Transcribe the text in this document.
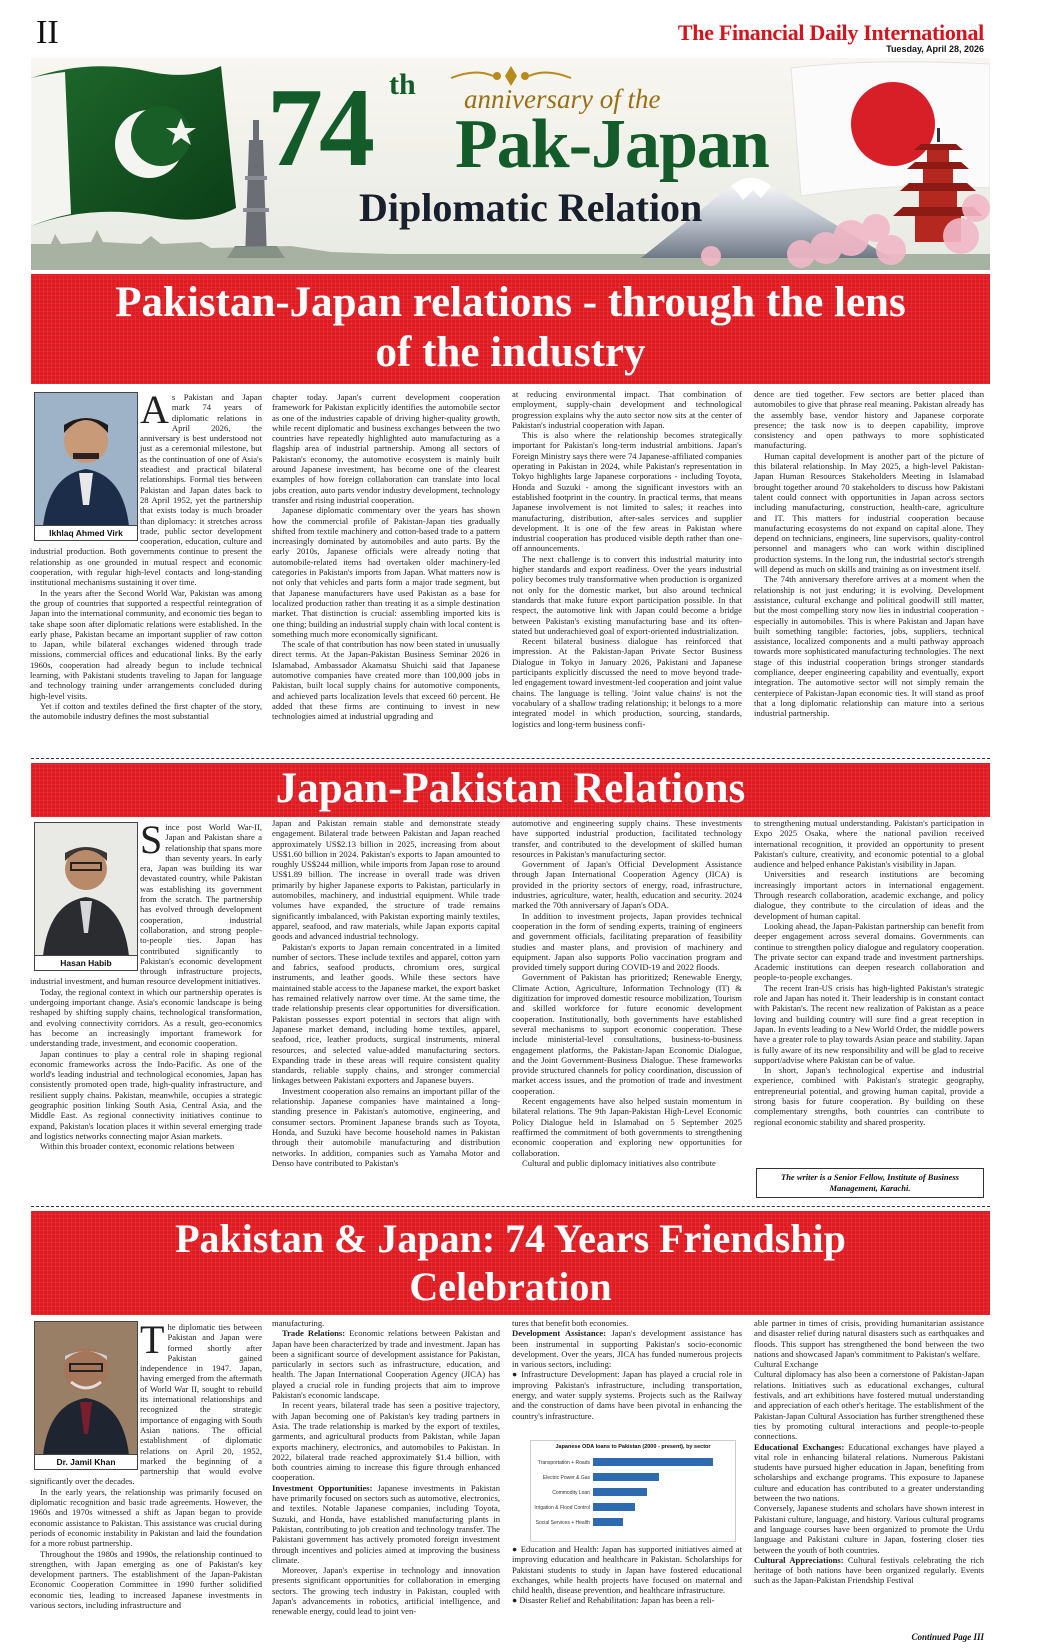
II	The Financial Daily International
Tuesday, April 28, 2026
74 th anniversary of the
Pak-Japan
Diplomatic Relation
Pakistan-Japan relations - through the lens
of the industry
Ikhlaq Ahmed Virk

As Pakistan and Japan mark 74 years of diplomatic relations in April 2026, the anniversary is best understood not just as a ceremonial milestone, but as the continuation of one of Asia's steadiest and practical bilateral relationships. Formal ties between Pakistan and Japan dates back to 28 April 1952, yet the partnership that exists today is much broader than diplomacy: it stretches across trade, public sector development cooperation, education, culture and industrial production. Both governments continue to present the relationship as one grounded in mutual respect and economic cooperation, with regular high-level contacts and long-standing institutional mechanisms sustaining it over time.

In the years after the Second World War, Pakistan was among the group of countries that supported a respectful reintegration of Japan into the international community, and economic ties began to take shape soon after diplomatic relations were established. In the early phase, Pakistan became an important supplier of raw cotton to Japan, while bilateral exchanges widened through trade missions, commercial offices and educational links. By the early 1960s, cooperation had already begun to include technical learning, with Pakistani students traveling to Japan for language and technology training under arrangements concluded during high-level visits.

Yet if cotton and textiles defined the first chapter of the story, the automobile industry defines the most substantial

chapter today. Japan's current development cooperation framework for Pakistan explicitly identifies the automobile sector as one of the industries capable of driving higher-quality growth, while recent diplomatic and business exchanges between the two countries have repeatedly highlighted auto manufacturing as a flagship area of industrial partnership. Among all sectors of Pakistan's economy, the automotive ecosystem is mainly built around Japanese investment, has become one of the clearest examples of how foreign collaboration can translate into local jobs creation, auto parts vendor industry development, technology transfer and rising industrial cooperation.

Japanese diplomatic commentary over the years has shown how the commercial profile of Pakistan-Japan ties gradually shifted from textile machinery and cotton-based trade to a pattern increasingly dominated by automobiles and auto parts. By the early 2010s, Japanese officials were already noting that automobile-related items had overtaken older machinery-led categories in Pakistan's imports from Japan. What matters now is not only that vehicles and parts form a major trade segment, but that Japanese manufacturers have used Pakistan as a base for localized production rather than treating it as a simple destination market. That distinction is crucial: assembling imported kits is one thing; building an industrial supply chain with local content is something much more economically significant.

The scale of that contribution has now been stated in unusually direct terms. At the Japan-Pakistan Business Seminar 2026 in Islamabad, Ambassador Akamatsu Shuichi said that Japanese automotive companies have created more than 100,000 jobs in Pakistan, built local supply chains for automotive components, and achieved parts localization levels that exceed 60 percent. He added that these firms are continuing to invest in new technologies aimed at industrial upgrading and

at reducing environmental impact. That combination of employment, supply-chain development and technological progression explains why the auto sector now sits at the center of Pakistan's industrial cooperation with Japan.

This is also where the relationship becomes strategically important for Pakistan's long-term industrial ambitions. Japan's Foreign Ministry says there were 74 Japanese-affiliated companies operating in Pakistan in 2024, while Pakistan's representation in Tokyo highlights large Japanese corporations - including Toyota, Honda and Suzuki - among the significant investors with an established footprint in the country. In practical terms, that means Japanese involvement is not limited to sales; it reaches into manufacturing, distribution, after-sales services and supplier development. It is one of the few areas in Pakistan where industrial cooperation has produced visible depth rather than one-off announcements.

The next challenge is to convert this industrial maturity into higher standards and export readiness. Over the years industrial policy becomes truly transformative when production is organized not only for the domestic market, but also around technical standards that make future export participation possible. In that respect, the automotive link with Japan could become a bridge between Pakistan's existing manufacturing base and its often-stated but underachieved goal of export-oriented industrialization.

Recent bilateral business dialogue has reinforced that impression. At the Pakistan-Japan Private Sector Business Dialogue in Tokyo in January 2026, Pakistani and Japanese participants explicitly discussed the need to move beyond trade-led engagement toward investment-led cooperation and joint value chains. The language is telling. 'Joint value chains' is not the vocabulary of a shallow trading relationship; it belongs to a more integrated model in which production, sourcing, standards, logistics and long-term business confi-

dence are tied together. Few sectors are better placed than automobiles to give that phrase real meaning. Pakistan already has the assembly base, vendor history and Japanese corporate presence; the task now is to deepen capability, improve consistency and open pathways to more sophisticated manufacturing.

Human capital development is another part of the picture of this bilateral relationship. In May 2025, a high-level Pakistan-Japan Human Resources Stakeholders Meeting in Islamabad brought together around 70 stakeholders to discuss how Pakistani talent could connect with opportunities in Japan across sectors including manufacturing, construction, health-care, agriculture and IT. This matters for industrial cooperation because manufacturing ecosystems do not expand on capital alone. They depend on technicians, engineers, line supervisors, quality-control personnel and managers who can work within disciplined production systems. In the long run, the industrial sector's strength will depend as much on skills and training as on investment itself.

The 74th anniversary therefore arrives at a moment when the relationship is not just enduring; it is evolving. Development assistance, cultural exchange and political goodwill still matter, but the most compelling story now lies in industrial cooperation - especially in automobiles. This is where Pakistan and Japan have built something tangible: factories, jobs, suppliers, technical assistance, localized components and a multi pathway approach towards more sophisticated manufacturing technologies. The next stage of this industrial cooperation brings stronger standards compliance, deeper engineering capability and eventually, export integration. The automotive sector will not simply remain the centerpiece of Pakistan-Japan economic ties. It will stand as proof that a long diplomatic relationship can mature into a serious industrial partnership.

Japan-Pakistan Relations
Hasan Habib

Since post World War-II, Japan and Pakistan share a relationship that spans more than seventy years. In early era, Japan was building its war devastated country, while Pakistan was establishing its government from the scratch. The partnership has evolved through development cooperation, industrial collaboration, and strong people-to-people ties. Japan has contributed significantly to Pakistan's economic development through infrastructure projects, industrial investment, and human resource development initiatives.

Today, the regional context in which our partnership operates is undergoing important change. Asia's economic landscape is being reshaped by shifting supply chains, technological transformation, and evolving connectivity corridors. As a result, geo-economics has become an increasingly important framework for understanding trade, investment, and economic cooperation.

Japan continues to play a central role in shaping regional economic frameworks across the Indo-Pacific. As one of the world's leading industrial and technological economies, Japan has consistently promoted open trade, high-quality infrastructure, and resilient supply chains. Pakistan, meanwhile, occupies a strategic geographic position linking South Asia, Central Asia, and the Middle East. As regional connectivity initiatives continue to expand, Pakistan's location places it within several emerging trade and logistics networks connecting major Asian markets.

Within this broader context, economic relations between

Japan and Pakistan remain stable and demonstrate steady engagement. Bilateral trade between Pakistan and Japan reached approximately US$2.13 billion in 2025, increasing from about US$1.60 billion in 2024. Pakistan's exports to Japan amounted to roughly US$244 million, while imports from Japan rose to around US$1.89 billion. The increase in overall trade was driven primarily by higher Japanese exports to Pakistan, particularly in automobiles, machinery, and industrial equipment. While trade volumes have expanded, the structure of trade remains significantly imbalanced, with Pakistan exporting mainly textiles, apparel, seafood, and raw materials, while Japan exports capital goods and advanced industrial technology.

Pakistan's exports to Japan remain concentrated in a limited number of sectors. These include textiles and apparel, cotton yarn and fabrics, seafood products, chromium ores, surgical instruments, and leather goods. While these sectors have maintained stable access to the Japanese market, the export basket has remained relatively narrow over time. At the same time, the trade relationship presents clear opportunities for diversification. Pakistan possesses export potential in sectors that align with Japanese market demand, including home textiles, apparel, seafood, rice, leather products, surgical instruments, mineral resources, and selected value-added manufacturing sectors. Expanding trade in these areas will require consistent quality standards, reliable supply chains, and stronger commercial linkages between Pakistani exporters and Japanese buyers.

Investment cooperation also remains an important pillar of the relationship. Japanese companies have maintained a long-standing presence in Pakistan's automotive, engineering, and consumer sectors. Prominent Japanese brands such as Toyota, Honda, and Suzuki have become household names in Pakistan through their automobile manufacturing and distribution networks. In addition, companies such as Yamaha Motor and Denso have contributed to Pakistan's

automotive and engineering supply chains. These investments have supported industrial production, facilitated technology transfer, and contributed to the development of skilled human resources in Pakistan's manufacturing sector.

Government of Japan's Official Development Assistance through Japan International Cooperation Agency (JICA) is provided in the priority sectors of energy, road, infrastructure, industries, agriculture, water, health, education and security. 2024 marked the 70th anniversary of Japan's ODA.

In addition to investment projects, Japan provides technical cooperation in the form of sending experts, training of engineers and government officials, facilitating preparation of feasibility studies and master plans, and provision of machinery and equipment. Japan also supports Polio vaccination program and provided timely support during COVID-19 and 2022 floods.

Government of Pakistan has prioritized; Renewable Energy, Climate Action, Agriculture, Information Technology (IT) & digitization for improved domestic resource mobilization, Tourism and skilled workforce for future economic development cooperation. Institutionally, both governments have established several mechanisms to support economic cooperation. These include ministerial-level consultations, business-to-business engagement platforms, the Pakistan-Japan Economic Dialogue, and the Joint Government-Business Dialogue. These frameworks provide structured channels for policy coordination, discussion of market access issues, and the promotion of trade and investment cooperation.

Recent engagements have also helped sustain momentum in bilateral relations. The 9th Japan-Pakistan High-Level Economic Policy Dialogue held in Islamabad on 5 September 2025 reaffirmed the commitment of both governments to strengthening economic cooperation and exploring new opportunities for collaboration.

Cultural and public diplomacy initiatives also contribute

to strengthening mutual understanding. Pakistan's participation in Expo 2025 Osaka, where the national pavilion received international recognition, it provided an opportunity to present Pakistan's culture, creativity, and economic potential to a global audience and helped enhance Pakistan's visibility in Japan.

Universities and research institutions are becoming increasingly important actors in international engagement. Through research collaboration, academic exchange, and policy dialogue, they contribute to the circulation of ideas and the development of human capital.

Looking ahead, the Japan-Pakistan partnership can benefit from deeper engagement across several domains. Governments can continue to strengthen policy dialogue and regulatory cooperation. The private sector can expand trade and investment partnerships. Academic institutions can deepen research collaboration and people-to-people exchanges.

The recent Iran-US crisis has high-lighted Pakistan's strategic role and Japan has noted it. Their leadership is in constant contact with Pakistan's. The recent new realization of Pakistan as a peace loving and building country will sure find a great reception in Japan. In events leading to a New World Order, the middle powers have a greater role to play towards Asian peace and stability. Japan is fully aware of its new responsibility and will be glad to receive support/advise where Pakistan can be of value.

In short, Japan's technological expertise and industrial experience, combined with Pakistan's strategic geography, entrepreneurial potential, and growing human capital, provide a strong basis for future cooperation. By building on these complementary strengths, both countries can contribute to regional economic stability and shared prosperity.

The writer is a Senior Fellow, Institute of Business Management, Karachi.
Pakistan & Japan: 74 Years Friendship
Celebration
Dr. Jamil Khan

The diplomatic ties between Pakistan and Japan were formed shortly after Pakistan gained independence in 1947. Japan, having emerged from the aftermath of World War II, sought to rebuild its international relationships and recognized the strategic importance of engaging with South Asian nations. The official establishment of diplomatic relations on April 20, 1952, marked the beginning of a partnership that would evolve significantly over the decades.

In the early years, the relationship was primarily focused on diplomatic recognition and basic trade agreements. However, the 1960s and 1970s witnessed a shift as Japan began to provide economic assistance to Pakistan. This assistance was crucial during periods of economic instability in Pakistan and laid the foundation for a more robust partnership.

Throughout the 1980s and 1990s, the relationship continued to strengthen, with Japan emerging as one of Pakistan's key development partners. The establishment of the Japan-Pakistan Economic Cooperation Committee in 1990 further solidified economic ties, leading to increased Japanese investments in various sectors, including infrastructure and

manufacturing.

Trade Relations: Economic relations between Pakistan and Japan have been characterized by trade and investment. Japan has been a significant source of development assistance for Pakistan, particularly in sectors such as infrastructure, education, and health. The Japan International Cooperation Agency (JICA) has played a crucial role in funding projects that aim to improve Pakistan's economic landscape.

In recent years, bilateral trade has seen a positive trajectory, with Japan becoming one of Pakistan's key trading partners in Asia. The trade relationship is marked by the export of textiles, garments, and agricultural products from Pakistan, while Japan exports machinery, electronics, and automobiles to Pakistan. In 2022, bilateral trade reached approximately $1.4 billion, with both countries aiming to increase this figure through enhanced cooperation.

Investment Opportunities: Japanese investments in Pakistan have primarily focused on sectors such as automotive, electronics, and textiles. Notable Japanese companies, including Toyota, Suzuki, and Honda, have established manufacturing plants in Pakistan, contributing to job creation and technology transfer. The Pakistani government has actively promoted foreign investment through incentives and policies aimed at improving the business climate.

Moreover, Japan's expertise in technology and innovation presents significant opportunities for collaboration in emerging sectors. The growing tech industry in Pakistan, coupled with Japan's advancements in robotics, artificial intelligence, and renewable energy, could lead to joint ven-

tures that benefit both economies.

Development Assistance: Japan's development assistance has been instrumental in supporting Pakistan's socio-economic development. Over the years, JICA has funded numerous projects in various sectors, including:

● Infrastructure Development: Japan has played a crucial role in improving Pakistan's infrastructure, including transportation, energy, and water supply systems. Projects such as the Railway and the construction of dams have been pivotal in enhancing the country's infrastructure.

Japanese ODA loans to Pakistan (2000 - present), by sector
Transportation + Roads
Electric Power & Gas
Commodity Loan
Irrigation & Flood Control
Social Services + Health

● Education and Health: Japan has supported initiatives aimed at improving education and healthcare in Pakistan. Scholarships for Pakistani students to study in Japan have fostered educational exchanges, while health projects have focused on maternal and child health, disease prevention, and healthcare infrastructure.

● Disaster Relief and Rehabilitation: Japan has been a reli-

able partner in times of crisis, providing humanitarian assistance and disaster relief during natural disasters such as earthquakes and floods. This support has strengthened the bond between the two nations and showcased Japan's commitment to Pakistan's welfare.

Cultural Exchange

Cultural diplomacy has also been a cornerstone of Pakistan-Japan relations. Initiatives such as educational exchanges, cultural festivals, and art exhibitions have fostered mutual understanding and appreciation of each other's heritage. The establishment of the Pakistan-Japan Cultural Association has further strengthened these ties by promoting cultural interactions and people-to-people connections.

Educational Exchanges: Educational exchanges have played a vital role in enhancing bilateral relations. Numerous Pakistani students have pursued higher education in Japan, benefiting from scholarships and exchange programs. This exposure to Japanese culture and education has contributed to a greater understanding between the two nations.

Conversely, Japanese students and scholars have shown interest in Pakistani culture, language, and history. Various cultural programs and language courses have been organized to promote the Urdu language and Pakistani culture in Japan, fostering closer ties between the youth of both countries.

Cultural Appreciations: Cultural festivals celebrating the rich heritage of both nations have been organized regularly. Events such as the Japan-Pakistan Friendship Festival

Continued Page III
